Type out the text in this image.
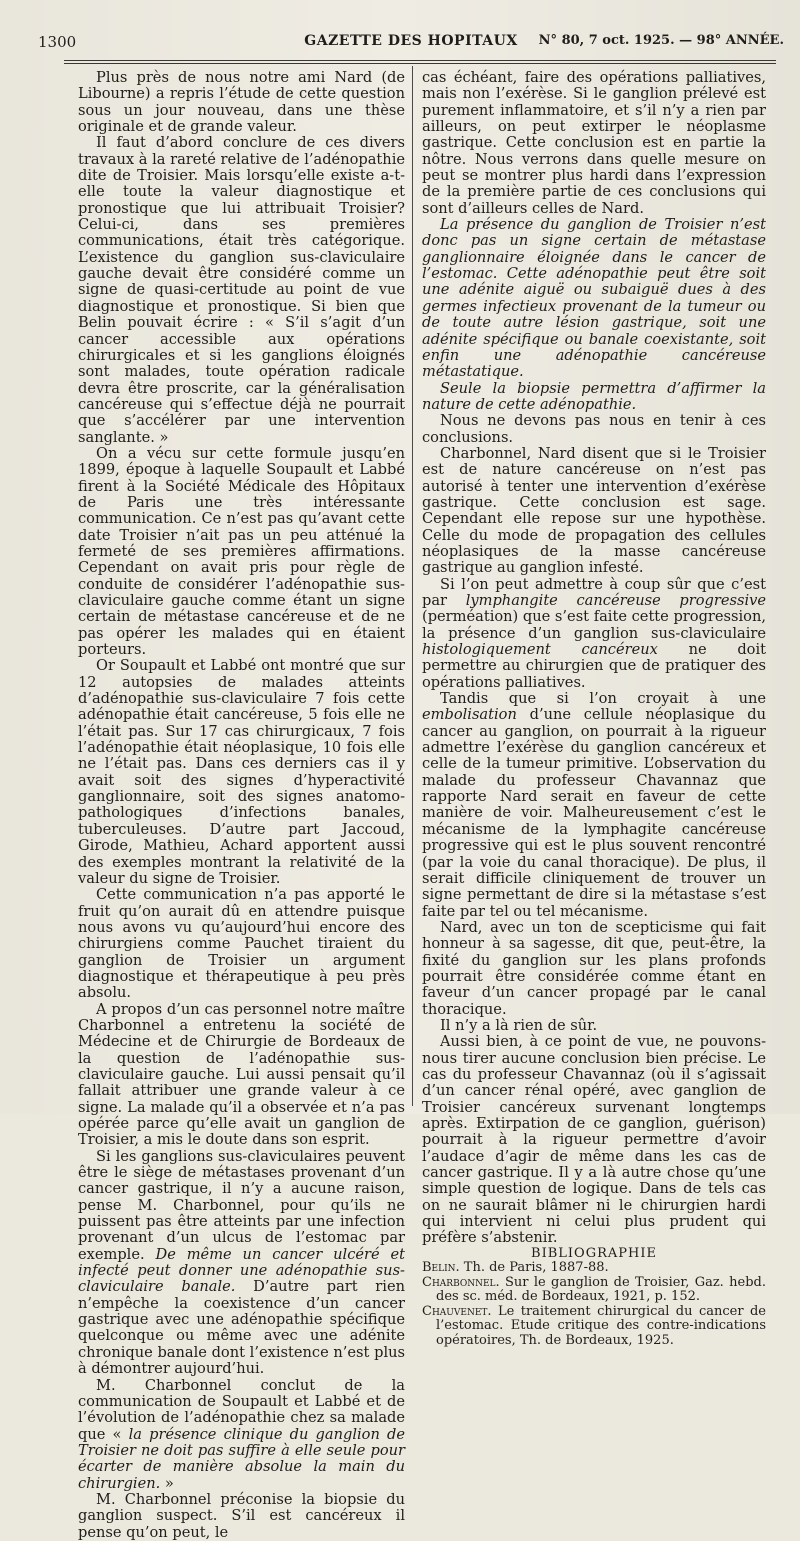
1300	GAZETTE DES HOPITAUX	N° 80, 7 oct. 1925. — 98° ANNÉE.

Plus près de nous notre ami Nard (de Libourne) a repris l’étude de cette question sous un jour nouveau, dans une thèse originale et de grande valeur.

Il faut d’abord conclure de ces divers travaux à la rareté relative de l’adénopathie dite de Troisier. Mais lorsqu’elle existe a-t-elle toute la valeur diagnostique et pronostique que lui attribuait Troisier? Celui-ci, dans ses premières communications, était très catégorique. L’existence du ganglion sus-claviculaire gauche devait être considéré comme un signe de quasi-certitude au point de vue diagnostique et pronostique. Si bien que Belin pouvait écrire : « S’il s’agit d’un cancer accessible aux opérations chirurgicales et si les ganglions éloignés sont malades, toute opération radicale devra être proscrite, car la généralisation cancéreuse qui s’effectue déjà ne pourrait que s’accélérer par une intervention sanglante. »

On a vécu sur cette formule jusqu’en 1899, époque à laquelle Soupault et Labbé firent à la Société Médicale des Hôpitaux de Paris une très intéressante communication. Ce n’est pas qu’avant cette date Troisier n’ait pas un peu atténué la fermeté de ses premières affirmations. Cependant on avait pris pour règle de conduite de considérer l’adénopathie sus-claviculaire gauche comme étant un signe certain de métastase cancéreuse et de ne pas opérer les malades qui en étaient porteurs.

Or Soupault et Labbé ont montré que sur 12 autopsies de malades atteints d’adénopathie sus-claviculaire 7 fois cette adénopathie était cancéreuse, 5 fois elle ne l’était pas. Sur 17 cas chirurgicaux, 7 fois l’adénopathie était néoplasique, 10 fois elle ne l’était pas. Dans ces derniers cas il y avait soit des signes d’hyperactivité ganglionnaire, soit des signes anatomo-pathologiques d’infections banales, tuberculeuses. D’autre part Jaccoud, Girode, Mathieu, Achard apportent aussi des exemples montrant la relativité de la valeur du signe de Troisier.

Cette communication n’a pas apporté le fruit qu’on aurait dû en attendre puisque nous avons vu qu’aujourd’hui encore des chirurgiens comme Pauchet tiraient du ganglion de Troisier un argument diagnostique et thérapeutique à peu près absolu.

A propos d’un cas personnel notre maître Charbonnel a entretenu la société de Médecine et de Chirurgie de Bordeaux de la question de l’adénopathie sus-claviculaire gauche. Lui aussi pensait qu’il fallait attribuer une grande valeur à ce signe. La malade qu’il a observée et n’a pas opérée parce qu’elle avait un ganglion de Troisier, a mis le doute dans son esprit.

Si les ganglions sus-claviculaires peuvent être le siège de métastases provenant d’un cancer gastrique, il n’y a aucune raison, pense M. Charbonnel, pour qu’ils ne puissent pas être atteints par une infection provenant d’un ulcus de l’estomac par exemple. De même un cancer ulcéré et infecté peut donner une adénopathie sus-claviculaire banale. D’autre part rien n’empêche la coexistence d’un cancer gastrique avec une adénopathie spécifique quelconque ou même avec une adénite chronique banale dont l’existence n’est plus à démontrer aujourd’hui.

M. Charbonnel conclut de la communication de Soupault et Labbé et de l’évolution de l’adénopathie chez sa malade que « la présence clinique du ganglion de Troisier ne doit pas suffire à elle seule pour écarter de manière absolue la main du chirurgien. »

M. Charbonnel préconise la biopsie du ganglion suspect. S’il est cancéreux il pense qu’on peut, le

cas échéant, faire des opérations palliatives, mais non l’exérèse. Si le ganglion prélevé est purement inflammatoire, et s’il n’y a rien par ailleurs, on peut extirper le néoplasme gastrique. Cette conclusion est en partie la nôtre. Nous verrons dans quelle mesure on peut se montrer plus hardi dans l’expression de la première partie de ces conclusions qui sont d’ailleurs celles de Nard.

La présence du ganglion de Troisier n’est donc pas un signe certain de métastase ganglionnaire éloignée dans le cancer de l’estomac. Cette adénopathie peut être soit une adénite aiguë ou subaiguë dues à des germes infectieux provenant de la tumeur ou de toute autre lésion gastrique, soit une adénite spécifique ou banale coexistante, soit enfin une adénopathie cancéreuse métastatique.

Seule la biopsie permettra d’affirmer la nature de cette adénopathie.

Nous ne devons pas nous en tenir à ces conclusions.

Charbonnel, Nard disent que si le Troisier est de nature cancéreuse on n’est pas autorisé à tenter une intervention d’exérèse gastrique. Cette conclusion est sage. Cependant elle repose sur une hypothèse. Celle du mode de propagation des cellules néoplasiques de la masse cancéreuse gastrique au ganglion infesté.

Si l’on peut admettre à coup sûr que c’est par lymphangite cancéreuse progressive (perméation) que s’est faite cette progression, la présence d’un ganglion sus-claviculaire histologiquement cancéreux ne doit permettre au chirurgien que de pratiquer des opérations palliatives.

Tandis que si l’on croyait à une embolisation d’une cellule néoplasique du cancer au ganglion, on pourrait à la rigueur admettre l’exérèse du ganglion cancéreux et celle de la tumeur primitive. L’observation du malade du professeur Chavannaz que rapporte Nard serait en faveur de cette manière de voir. Malheureusement c’est le mécanisme de la lymphagite cancéreuse progressive qui est le plus souvent rencontré (par la voie du canal thoracique). De plus, il serait difficile cliniquement de trouver un signe permettant de dire si la métastase s’est faite par tel ou tel mécanisme.

Nard, avec un ton de scepticisme qui fait honneur à sa sagesse, dit que, peut-être, la fixité du ganglion sur les plans profonds pourrait être considérée comme étant en faveur d’un cancer propagé par le canal thoracique.

Il n’y a là rien de sûr.

Aussi bien, à ce point de vue, ne pouvons-nous tirer aucune conclusion bien précise. Le cas du professeur Chavannaz (où il s’agissait d’un cancer rénal opéré, avec ganglion de Troisier cancéreux survenant longtemps après. Extirpation de ce ganglion, guérison) pourrait à la rigueur permettre d’avoir l’audace d’agir de même dans les cas de cancer gastrique. Il y a là autre chose qu’une simple question de logique. Dans de tels cas on ne saurait blâmer ni le chirurgien hardi qui intervient ni celui plus prudent qui préfère s’abstenir.

BIBLIOGRAPHIE

Belin. Th. de Paris, 1887-88.

Charbonnel. Sur le ganglion de Troisier, Gaz. hebd. des sc. méd. de Bordeaux, 1921, p. 152.

Chauvenet. Le traitement chirurgical du cancer de l’estomac. Etude critique des contre-indications opératoires, Th. de Bordeaux, 1925.
